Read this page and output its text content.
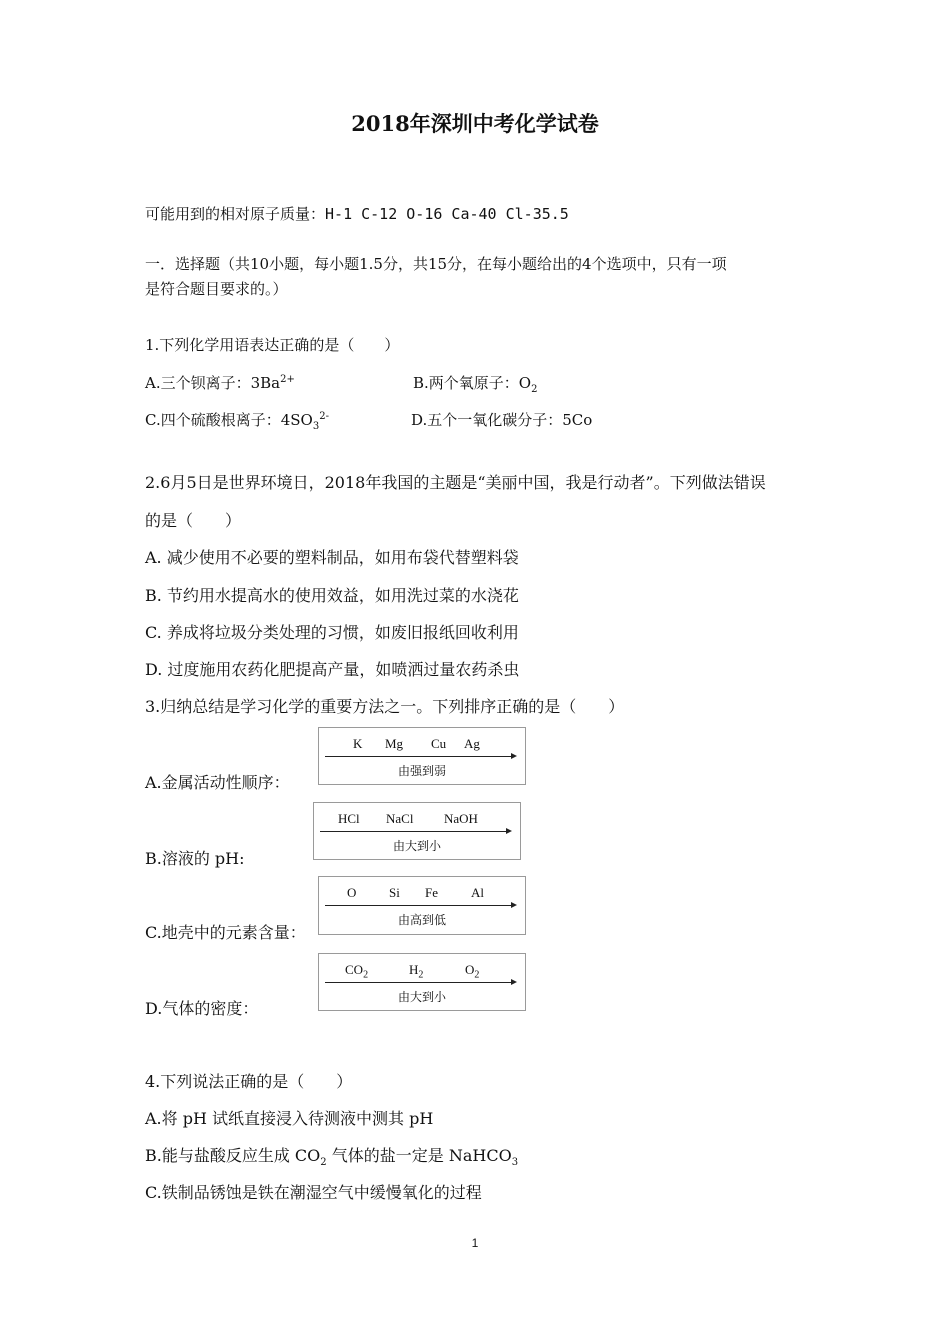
2018年深圳中考化学试卷
可能用到的相对原子质量：H-1 C-12 O-16 Ca-40 Cl-35.5
一．选择题（共10小题，每小题1.5分，共15分，在每小题给出的4个选项中，只有一项
是符合题目要求的。）
1.下列化学用语表达正确的是（　　）
A.三个钡离子：$3Ba^{2+}$	B.两个氧原子：$O_2$
C.四个硫酸根离子：$4SO_3^{2-}$	D.五个一氧化碳分子：5Co
2.6月5日是世界环境日，2018年我国的主题是“美丽中国，我是行动者”。下列做法错误
的是（　　）
A. 减少使用不必要的塑料制品，如用布袋代替塑料袋
B. 节约用水提高水的使用效益，如用洗过菜的水浇花
C. 养成将垃圾分类处理的习惯，如废旧报纸回收利用
D. 过度施用农药化肥提高产量，如喷洒过量农药杀虫
3.归纳总结是学习化学的重要方法之一。下列排序正确的是（　　）
A.金属活动性顺序：
K Mg Cu Ag
由强到弱
B.溶液的 pH:
HCl NaCl NaOH
由大到小
C.地壳中的元素含量：
O	Si Fe	Al
由高到低
D.气体的密度：
$CO_2$	$H_2$	$O_2$
由大到小
4.下列说法正确的是（　　）
A.将 pH 试纸直接浸入待测液中测其 pH
B.能与盐酸反应生成 $CO_2$ 气体的盐一定是 NaHCO$_3$
C.铁制品锈蚀是铁在潮湿空气中缓慢氧化的过程
1
